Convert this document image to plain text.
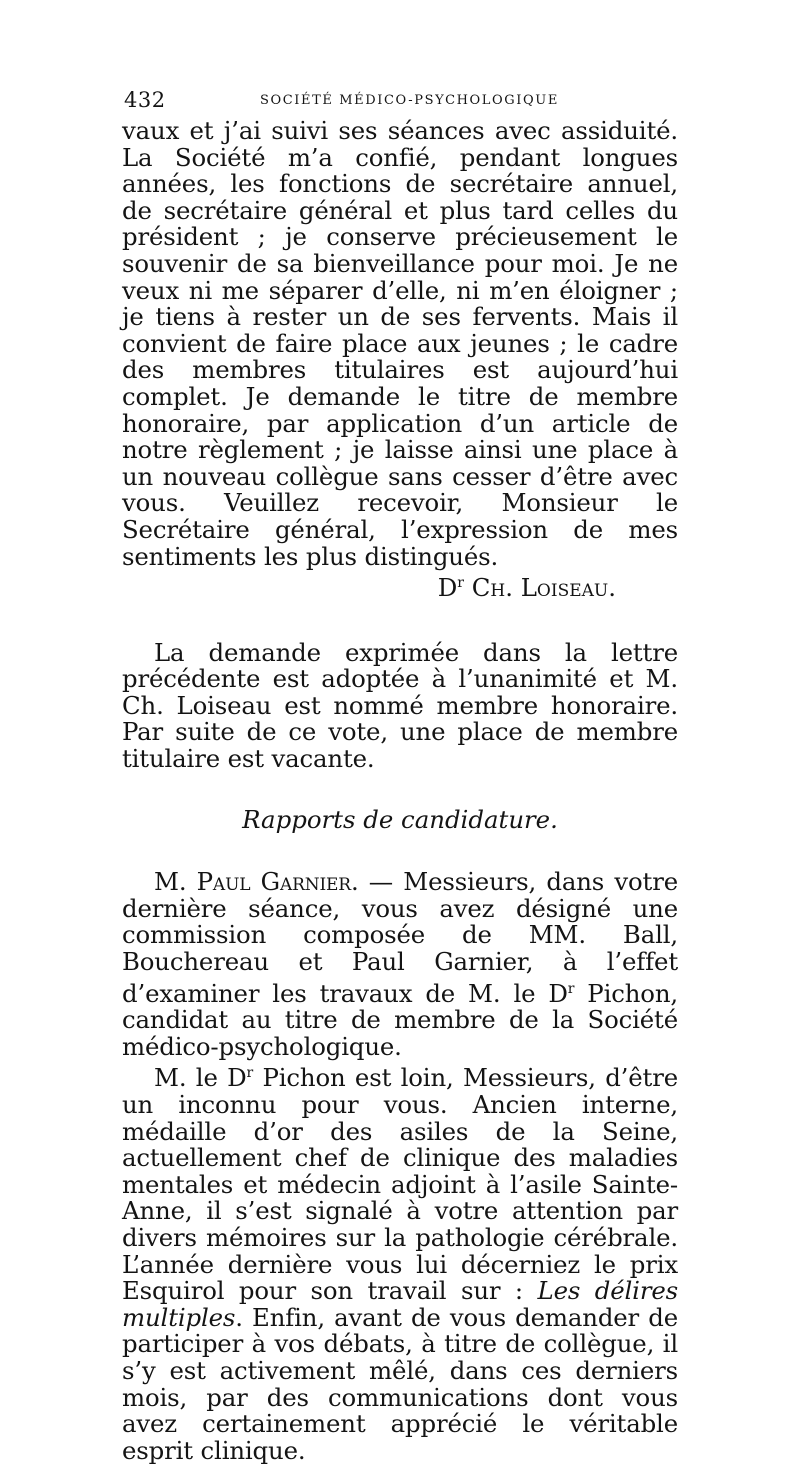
432	SOCIÉTÉ MÉDICO-PSYCHOLOGIQUE

vaux et j’ai suivi ses séances avec assiduité. La Société m’a confié, pendant longues années, les fonctions de secrétaire annuel, de secrétaire général et plus tard celles du président ; je conserve précieusement le souvenir de sa bienveillance pour moi. Je ne veux ni me séparer d’elle, ni m’en éloigner ; je tiens à rester un de ses fervents. Mais il convient de faire place aux jeunes ; le cadre des membres titulaires est aujourd’hui complet. Je demande le titre de membre honoraire, par application d’un article de notre règlement ; je laisse ainsi une place à un nouveau collègue sans cesser d’être avec vous. Veuillez recevoir, Monsieur le Secrétaire général, l’expression de mes sentiments les plus distingués.

$D^r$ Ch. Loiseau.

La demande exprimée dans la lettre précédente est adoptée à l’unanimité et M. Ch. Loiseau est nommé membre honoraire. Par suite de ce vote, une place de membre titulaire est vacante.

Rapports de candidature.

M. Paul Garnier. — Messieurs, dans votre dernière séance, vous avez désigné une commission composée de MM. Ball, Bouchereau et Paul Garnier, à l’effet d’examiner les travaux de M. le $D^r$ Pichon, candidat au titre de membre de la Société médico-psychologique.

M. le $D^r$ Pichon est loin, Messieurs, d’être un inconnu pour vous. Ancien interne, médaille d’or des asiles de la Seine, actuellement chef de clinique des maladies mentales et médecin adjoint à l’asile Sainte-Anne, il s’est signalé à votre attention par divers mémoires sur la pathologie cérébrale. L’année dernière vous lui décerniez le prix Esquirol pour son travail sur : Les délires multiples. Enfin, avant de vous demander de participer à vos débats, à titre de collègue, il s’y est activement mêlé, dans ces derniers mois, par des communications dont vous avez certainement apprécié le véritable esprit clinique.
